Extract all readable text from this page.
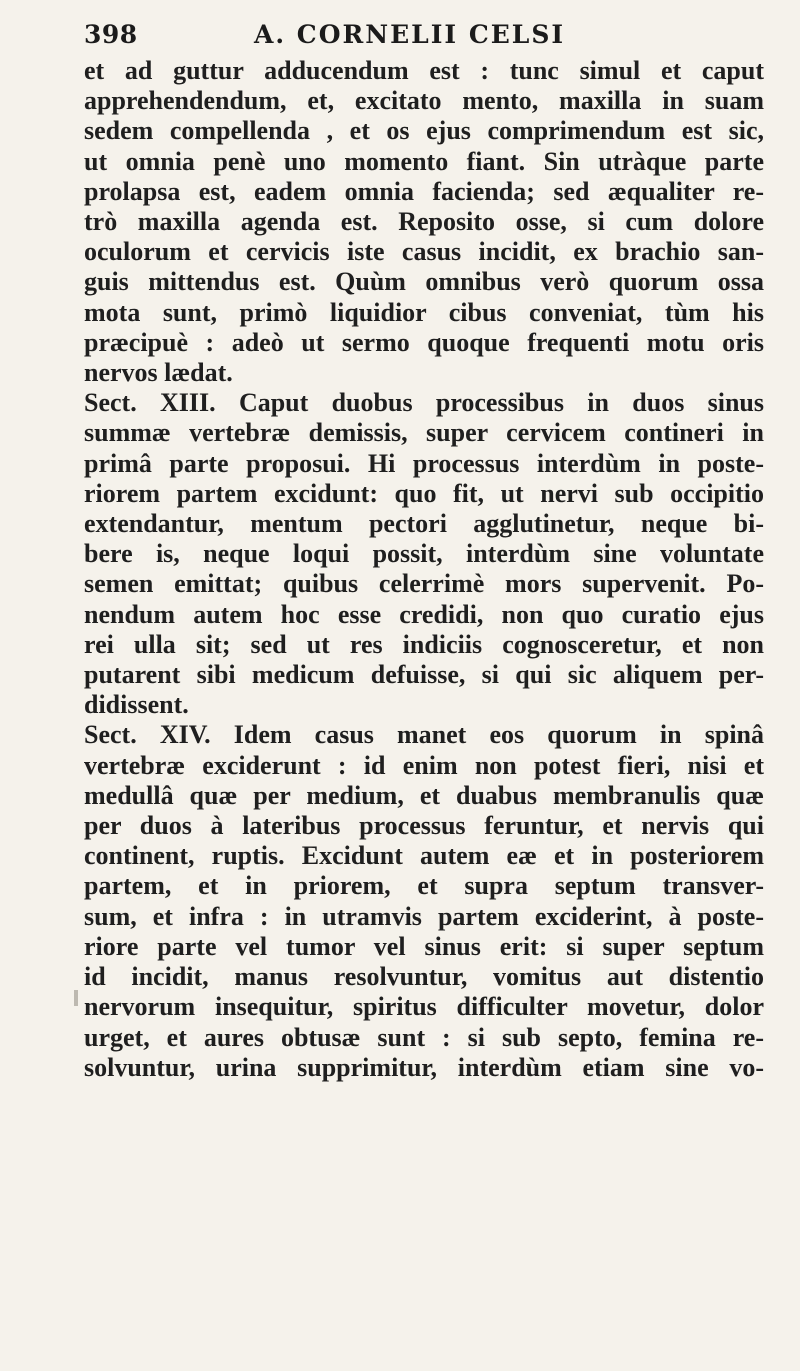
398	A. CORNELII CELSI
et ad guttur adducendum est : tunc simul et caput
apprehendendum, et, excitato mento, maxilla in suam
sedem compellenda , et os ejus comprimendum est sic,
ut omnia penè uno momento fiant. Sin utràque parte
prolapsa est, eadem omnia facienda; sed æqualiter re-
trò maxilla agenda est. Reposito osse, si cum dolore
oculorum et cervicis iste casus incidit, ex brachio san-
guis mittendus est. Quùm omnibus verò quorum ossa
mota sunt, primò liquidior cibus conveniat, tùm his
præcipuè : adeò ut sermo quoque frequenti motu oris
nervos lædat.
Sect. XIII. Caput duobus processibus in duos sinus
summæ vertebræ demissis, super cervicem contineri in
primâ parte proposui. Hi processus interdùm in poste-
riorem partem excidunt: quo fit, ut nervi sub occipitio
extendantur, mentum pectori agglutinetur, neque bi-
bere is, neque loqui possit, interdùm sine voluntate
semen emittat; quibus celerrimè mors supervenit. Po-
nendum autem hoc esse credidi, non quo curatio ejus
rei ulla sit; sed ut res indiciis cognosceretur, et non
putarent sibi medicum defuisse, si qui sic aliquem per-
didissent.
Sect. XIV. Idem casus manet eos quorum in spinâ
vertebræ exciderunt : id enim non potest fieri, nisi et
medullâ quæ per medium, et duabus membranulis quæ
per duos à lateribus processus feruntur, et nervis qui
continent, ruptis. Excidunt autem eæ et in posteriorem
partem, et in priorem, et supra septum transver-
sum, et infra : in utramvis partem exciderint, à poste-
riore parte vel tumor vel sinus erit: si super septum
id incidit, manus resolvuntur, vomitus aut distentio
nervorum insequitur, spiritus difficulter movetur, dolor
urget, et aures obtusæ sunt : si sub septo, femina re-
solvuntur, urina supprimitur, interdùm etiam sine vo-
